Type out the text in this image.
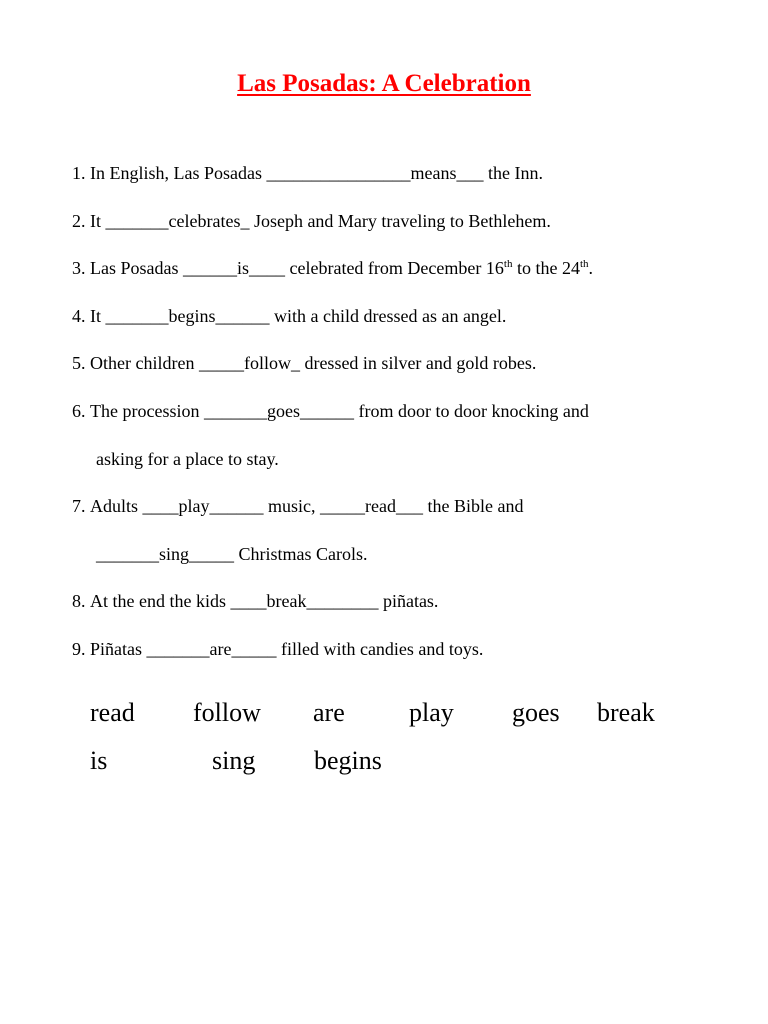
Las Posadas: A Celebration
1. In English, Las Posadas ________________means___ the Inn.
2. It _______celebrates_ Joseph and Mary traveling to Bethlehem.
3. Las Posadas ______is____ celebrated from December 16th to the 24th.
4. It _______begins______ with a child dressed as an angel.
5. Other children _____follow_ dressed in silver and gold robes.
6. The procession _______goes______ from door to door knocking and
asking for a place to stay.
7. Adults ____play______ music, _____read___ the Bible and
_______sing_____ Christmas Carols.
8. At the end the kids ____break________ piñatas.
9. Piñatas _______are_____ filled with candies and toys.
read follow are play goes break
is	sing begins
